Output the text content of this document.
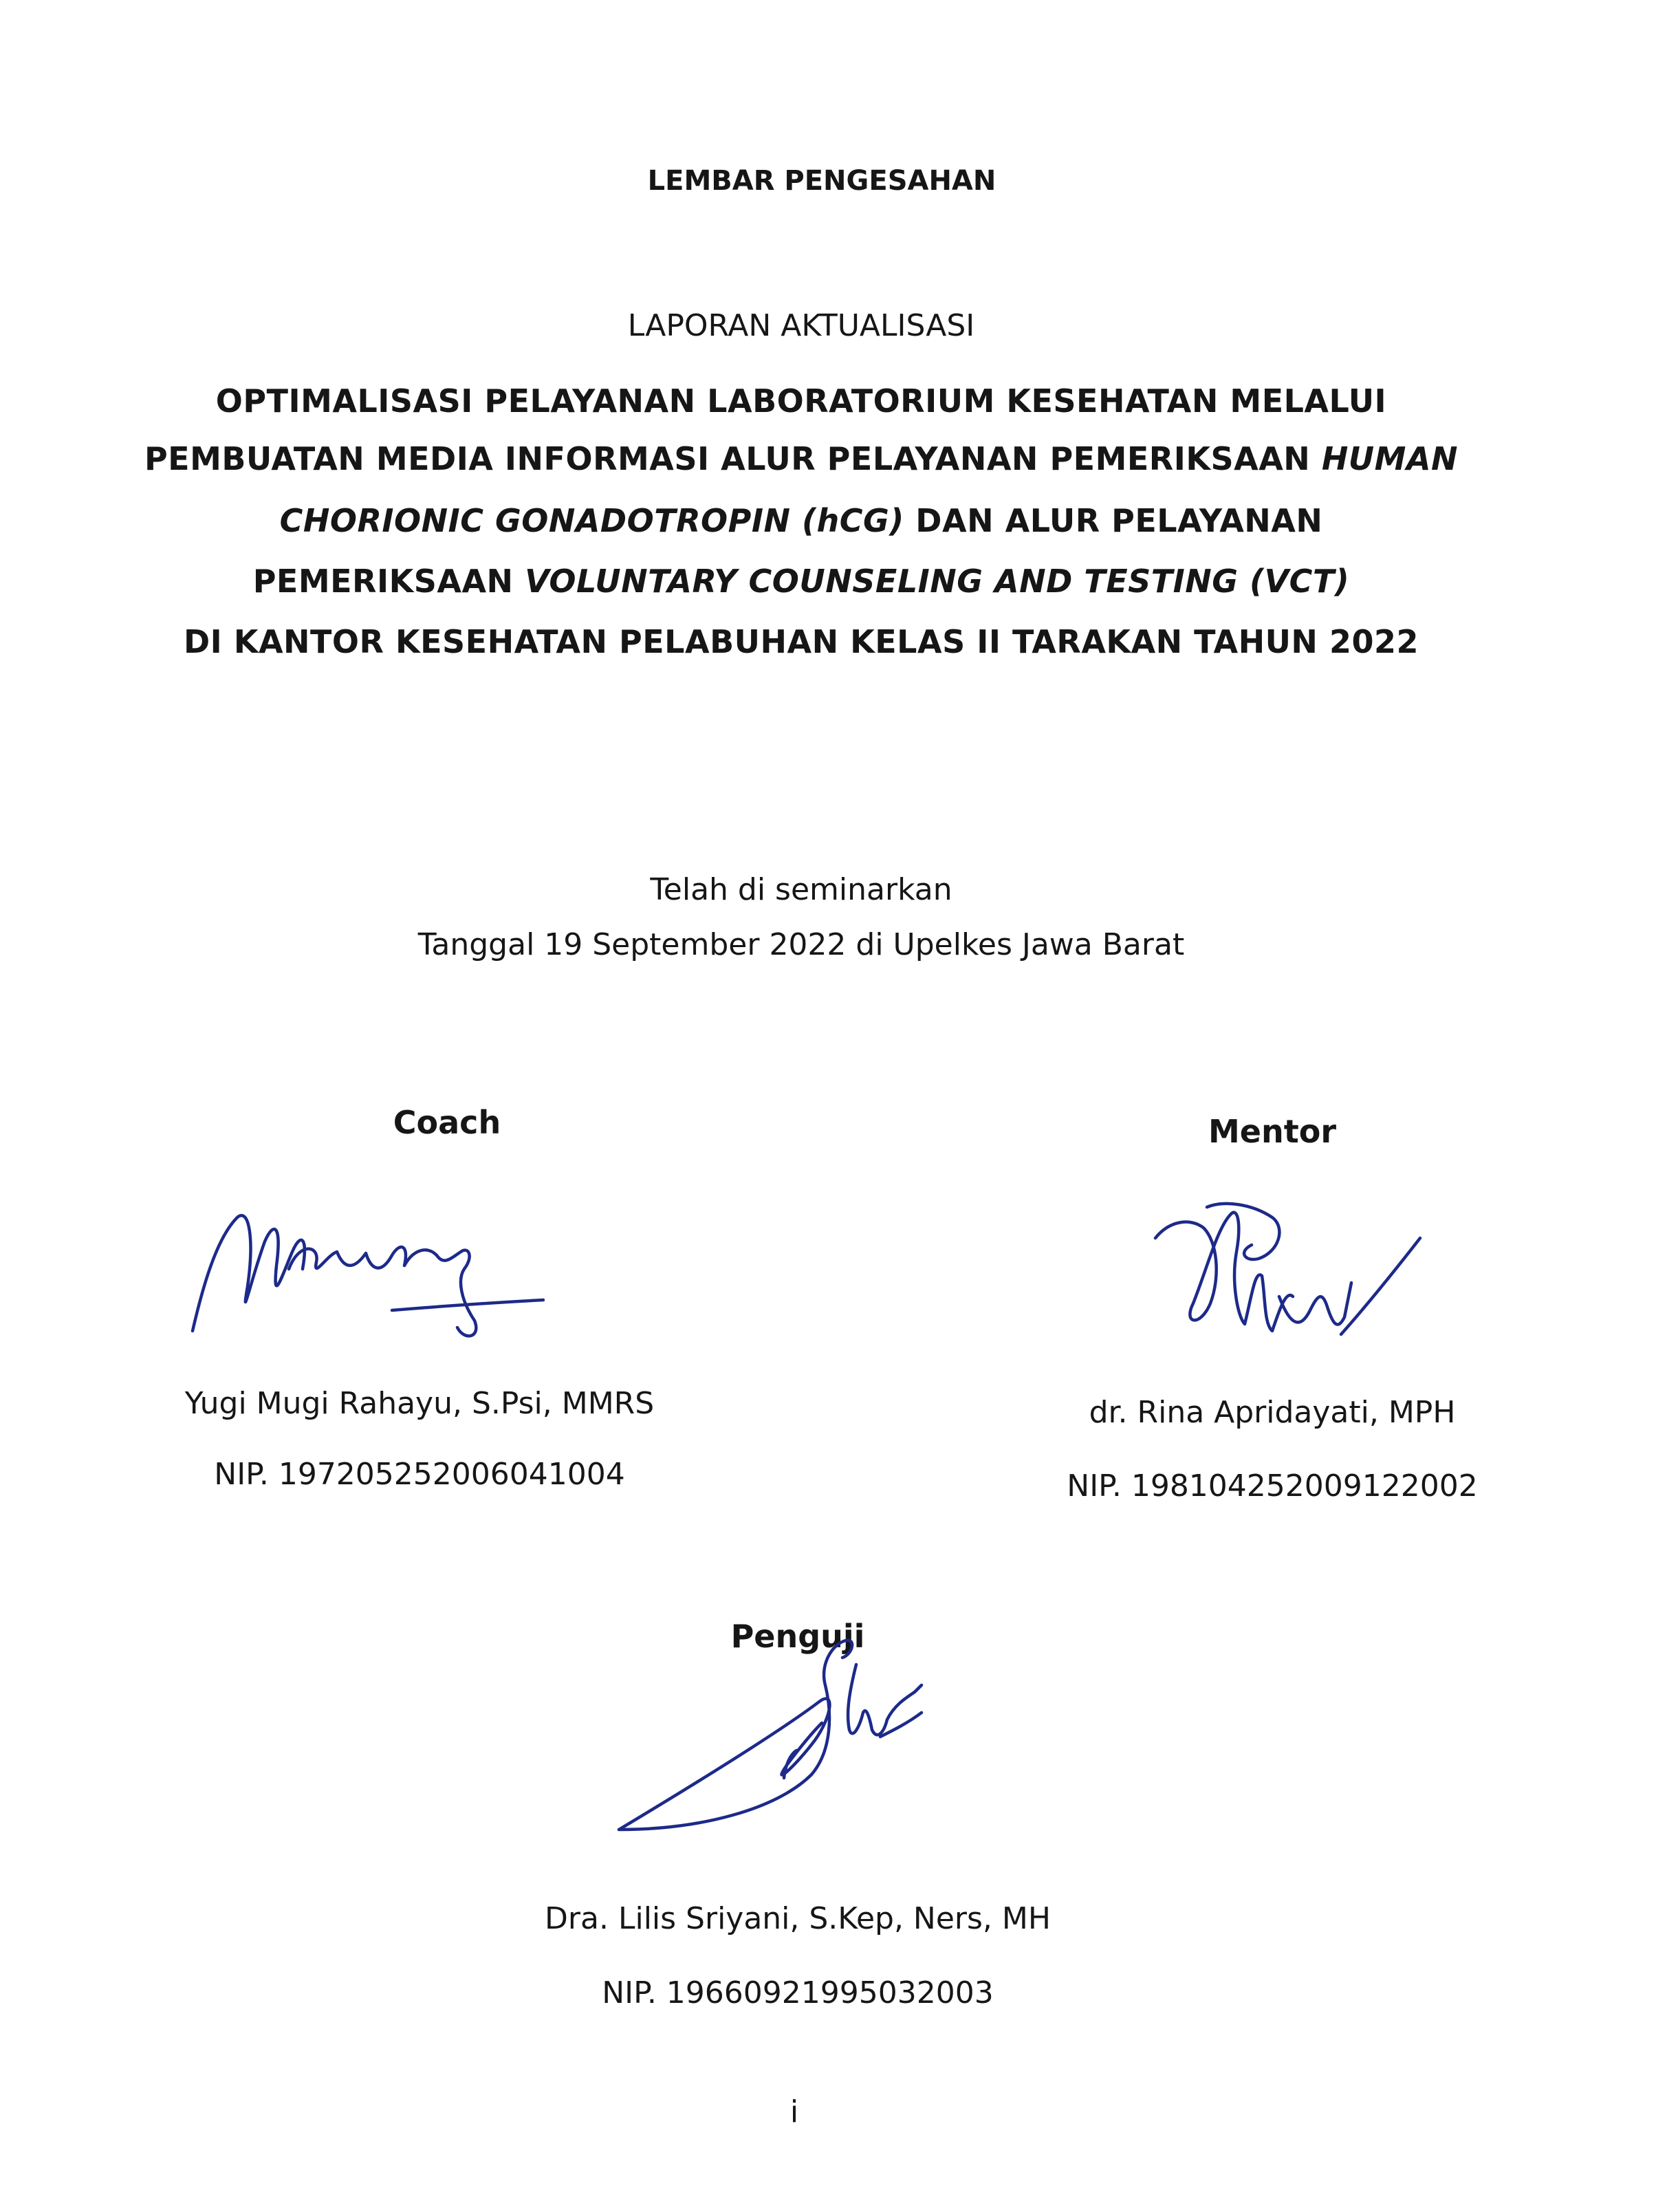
LEMBAR PENGESAHAN
LAPORAN AKTUALISASI
OPTIMALISASI PELAYANAN LABORATORIUM KESEHATAN MELALUI
PEMBUATAN MEDIA INFORMASI ALUR PELAYANAN PEMERIKSAAN HUMAN
CHORIONIC GONADOTROPIN (hCG) DAN ALUR PELAYANAN
PEMERIKSAAN VOLUNTARY COUNSELING AND TESTING (VCT)
DI KANTOR KESEHATAN PELABUHAN KELAS II TARAKAN TAHUN 2022
Telah di seminarkan
Tanggal 19 September 2022 di Upelkes Jawa Barat
Coach
Yugi Mugi Rahayu, S.Psi, MMRS
NIP. 197205252006041004
Mentor
dr. Rina Apridayati, MPH
NIP. 198104252009122002
Penguji
Dra. Lilis Sriyani, S.Kep, Ners, MH
NIP. 19660921995032003
i
